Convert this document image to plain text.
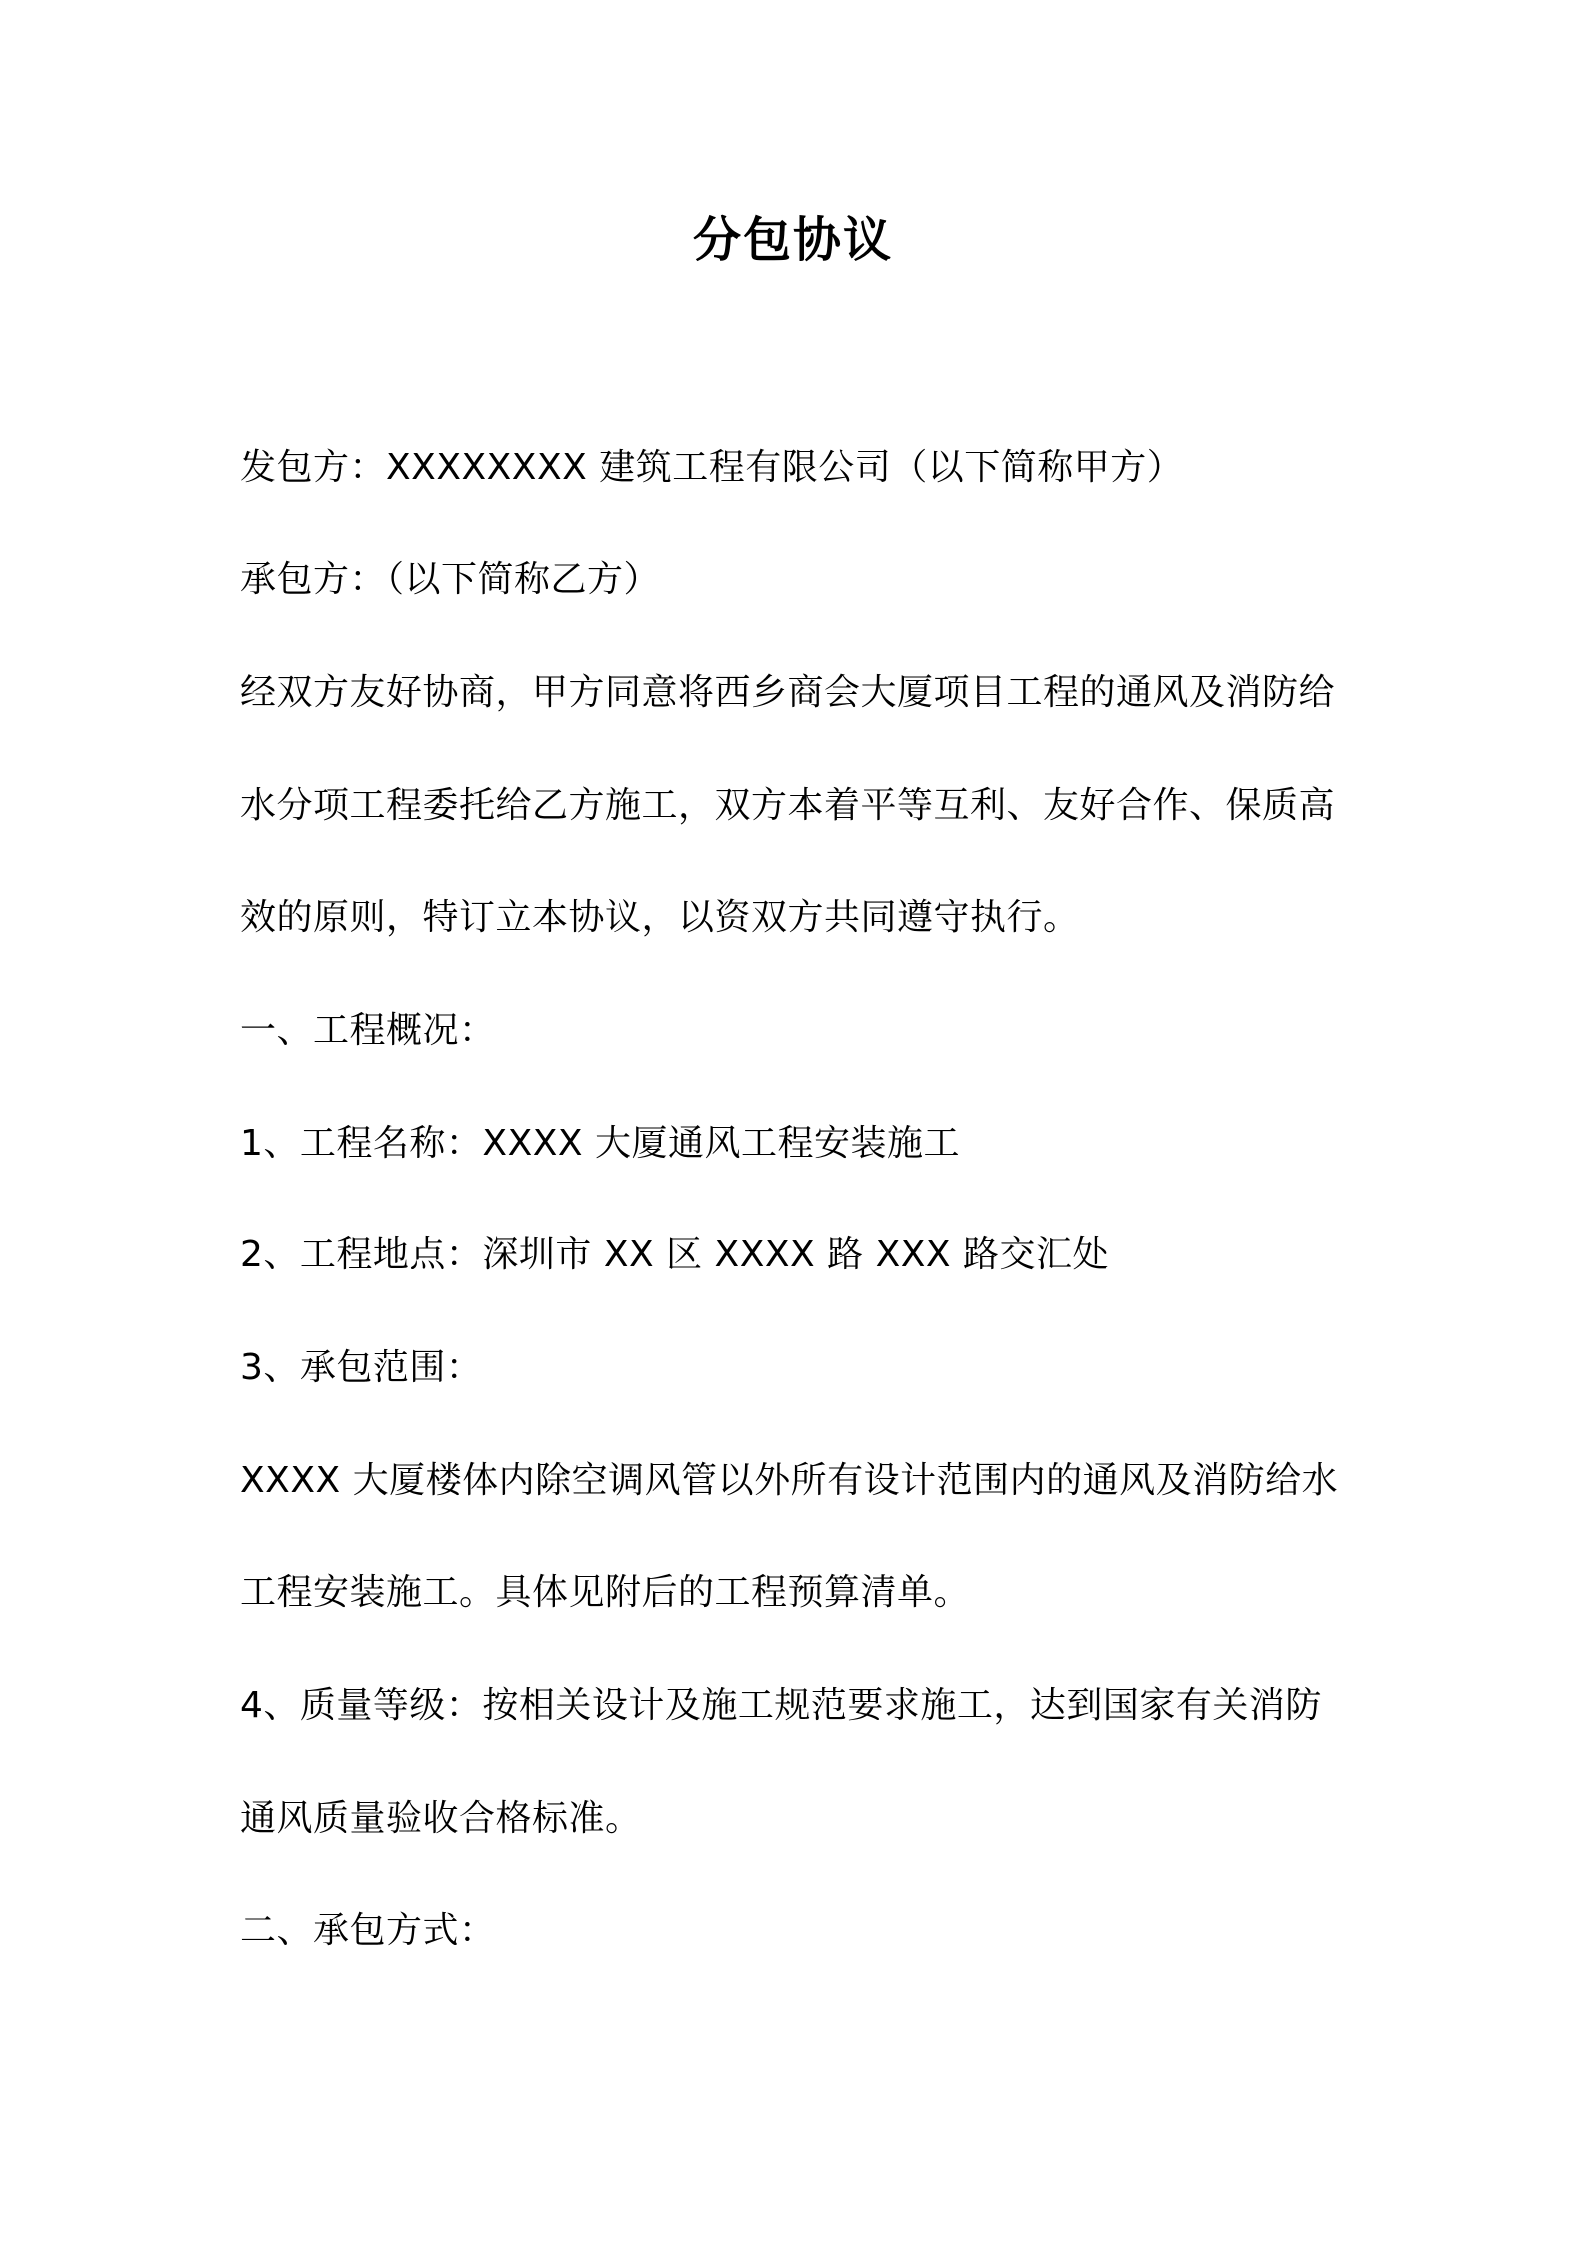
分包协议
发包方：XXXXXXXX 建筑工程有限公司（以下简称甲方）
承包方：（以下简称乙方）
经双方友好协商，甲方同意将西乡商会大厦项目工程的通风及消防给
水分项工程委托给乙方施工，双方本着平等互利、友好合作、保质高
效的原则，特订立本协议，以资双方共同遵守执行。
一、工程概况：
1、工程名称：XXXX 大厦通风工程安装施工
2、工程地点：深圳市 XX 区 XXXX 路 XXX 路交汇处
3、承包范围：
XXXX 大厦楼体内除空调风管以外所有设计范围内的通风及消防给水
工程安装施工。具体见附后的工程预算清单。
4、质量等级：按相关设计及施工规范要求施工，达到国家有关消防
通风质量验收合格标准。
二、承包方式：
